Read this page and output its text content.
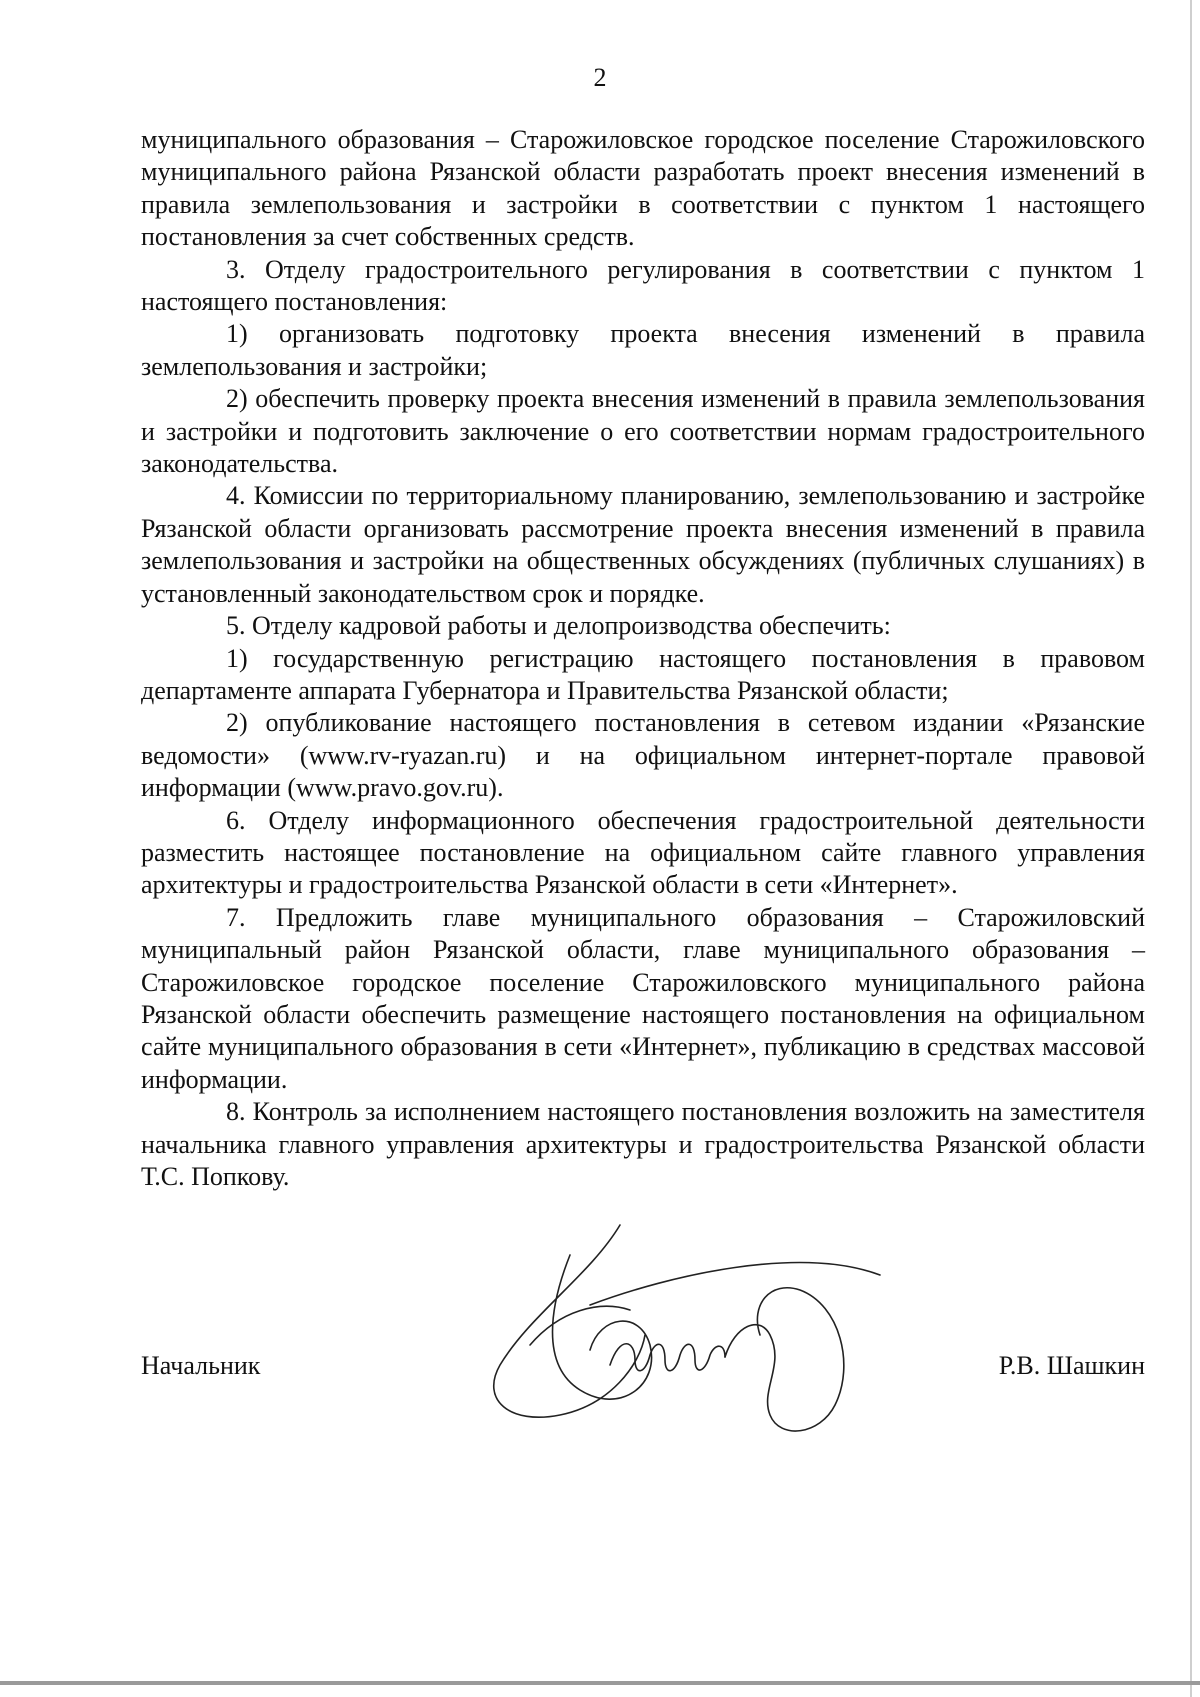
2

муниципального образования – Старожиловское городское поселение Старожиловского муниципального района Рязанской области разработать проект внесения изменений в правила землепользования и застройки в соответствии с пунктом 1 настоящего постановления за счет собственных средств.

3. Отделу градостроительного регулирования в соответствии с пунктом 1 настоящего постановления:

1) организовать подготовку проекта внесения изменений в правила землепользования и застройки;

2) обеспечить проверку проекта внесения изменений в правила землепользования и застройки и подготовить заключение о его соответствии нормам градостроительного законодательства.

4. Комиссии по территориальному планированию, землепользованию и застройке Рязанской области организовать рассмотрение проекта внесения изменений в правила землепользования и застройки на общественных обсуждениях (публичных слушаниях) в установленный законодательством срок и порядке.

5. Отделу кадровой работы и делопроизводства обеспечить:

1) государственную регистрацию настоящего постановления в правовом департаменте аппарата Губернатора и Правительства Рязанской области;

2) опубликование настоящего постановления в сетевом издании «Рязанские ведомости» (www.rv-ryazan.ru) и на официальном интернет-портале правовой информации (www.pravo.gov.ru).

6. Отделу информационного обеспечения градостроительной деятельности разместить настоящее постановление на официальном сайте главного управления архитектуры и градостроительства Рязанской области в сети «Интернет».

7. Предложить главе муниципального образования – Старожиловский муниципальный район Рязанской области, главе муниципального образования – Старожиловское городское поселение Старожиловского муниципального района Рязанской области обеспечить размещение настоящего постановления на официальном сайте муниципального образования в сети «Интернет», публикацию в средствах массовой информации.

8. Контроль за исполнением настоящего постановления возложить на заместителя начальника главного управления архитектуры и градостроительства Рязанской области Т.С. Попкову.

Начальник	Р.В. Шашкин
